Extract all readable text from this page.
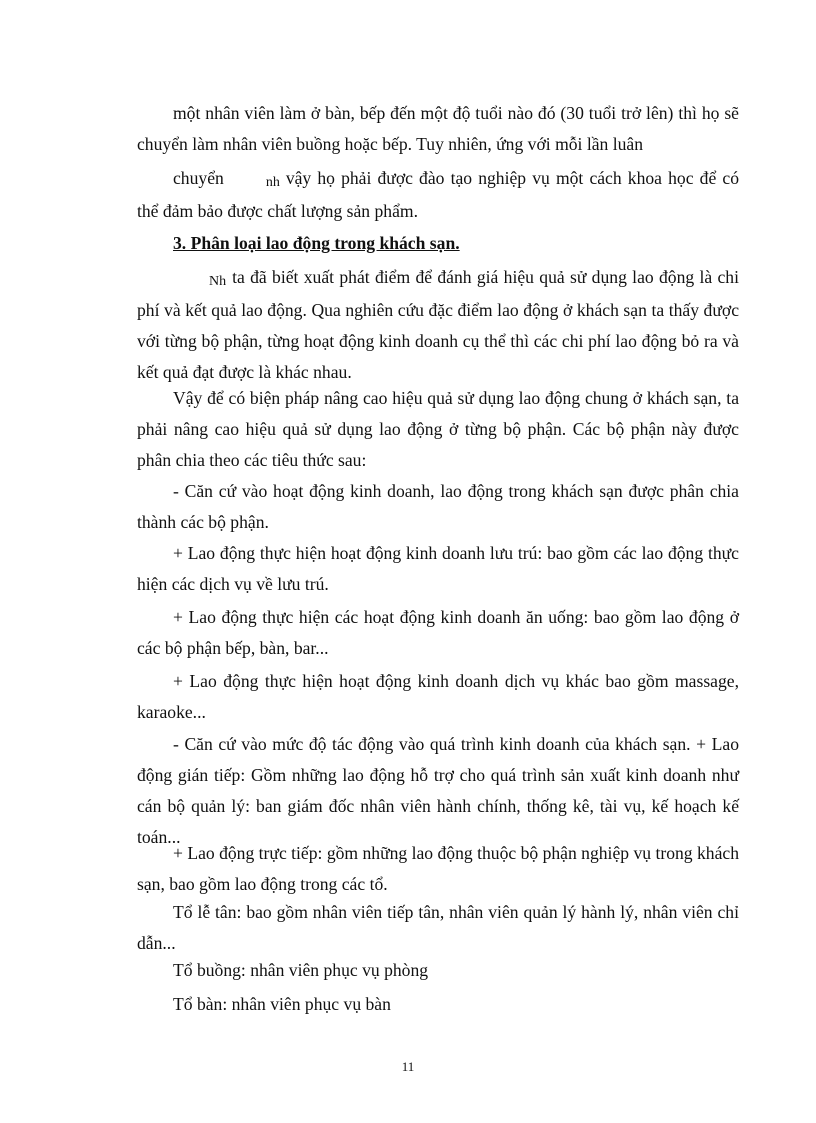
một nhân viên làm ở bàn, bếp đến một độ tuổi nào đó (30 tuổi trở lên) thì họ sẽ chuyển làm nhân viên buồng hoặc bếp. Tuy nhiên, ứng với mỗi lần luân

chuyển	nh vậy họ phải được đào tạo nghiệp vụ một cách khoa học để có thể đảm bảo được chất lượng sản phẩm.

3. Phân loại lao động trong khách sạn.

Nh ta đã biết xuất phát điểm để đánh giá hiệu quả sử dụng lao động là chi phí và kết quả lao động. Qua nghiên cứu đặc điểm lao động ở khách sạn ta thấy được với từng bộ phận, từng hoạt động kinh doanh cụ thể thì các chi phí lao động bỏ ra và kết quả đạt được là khác nhau.

Vậy để có biện pháp nâng cao hiệu quả sử dụng lao động chung ở khách sạn, ta phải nâng cao hiệu quả sử dụng lao động ở từng bộ phận. Các bộ phận này được phân chia theo các tiêu thức sau:

- Căn cứ vào hoạt động kinh doanh, lao động trong khách sạn được phân chia thành các bộ phận.

+ Lao động thực hiện hoạt động kinh doanh lưu trú: bao gồm các lao động thực hiện các dịch vụ về lưu trú.

+ Lao động thực hiện các hoạt động kinh doanh ăn uống: bao gồm lao động ở các bộ phận bếp, bàn, bar...

+ Lao động thực hiện hoạt động kinh doanh dịch vụ khác bao gồm massage, karaoke...

- Căn cứ vào mức độ tác động vào quá trình kinh doanh của khách sạn. + Lao động gián tiếp: Gồm những lao động hỗ trợ cho quá trình sản xuất kinh doanh như cán bộ quản lý: ban giám đốc nhân viên hành chính, thống kê, tài vụ, kế hoạch kế toán...

+ Lao động trực tiếp: gồm những lao động thuộc bộ phận nghiệp vụ trong khách sạn, bao gồm lao động trong các tổ.

Tổ lễ tân: bao gồm nhân viên tiếp tân, nhân viên quản lý hành lý, nhân viên chỉ dẫn...

Tổ buồng: nhân viên phục vụ phòng

Tổ bàn: nhân viên phục vụ bàn

11
